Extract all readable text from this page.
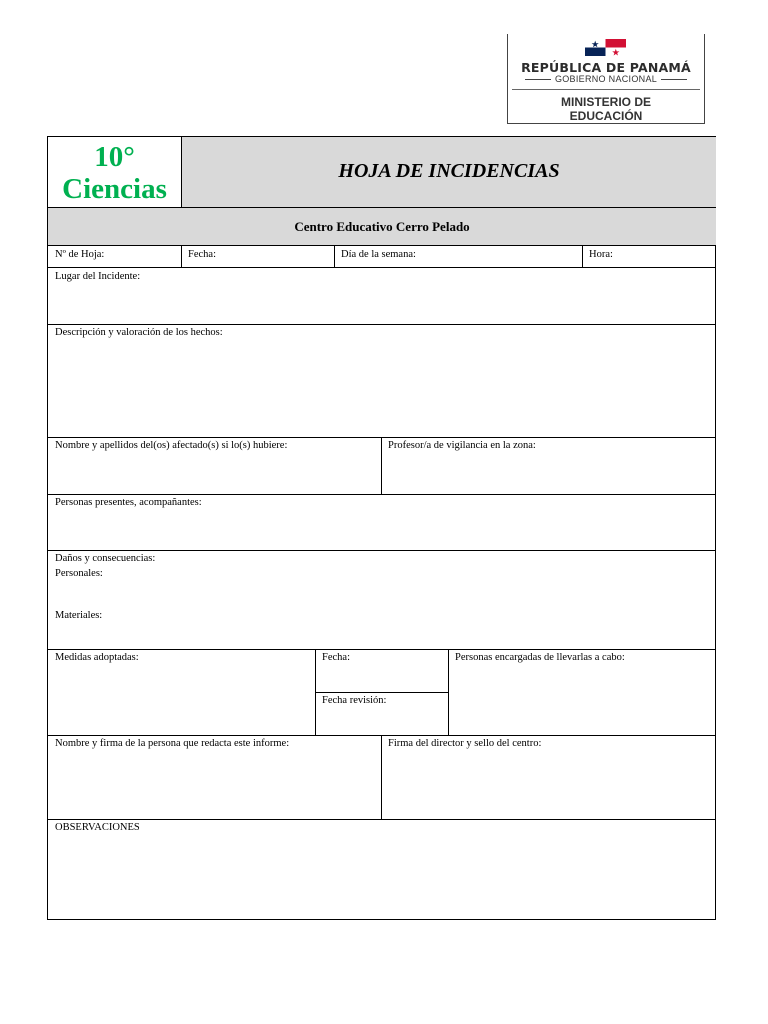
REPÚBLICA DE PANAMÁ
GOBIERNO NACIONAL
MINISTERIO DE
EDUCACIÓN
10°
Ciencias
HOJA DE INCIDENCIAS
Centro Educativo Cerro Pelado
Nº de Hoja:	Fecha:	Día de la semana:	Hora:
Lugar del Incidente:
Descripción y valoración de los hechos:
Nombre y apellidos del(os) afectado(s) si lo(s) hubiere:	Profesor/a de vigilancia en la zona:
Personas presentes, acompañantes:
Daños y consecuencias:
Personales:
Materiales:
Medidas adoptadas:	Fecha:
Fecha revisión:
Personas encargadas de llevarlas a cabo:
Nombre y firma de la persona que redacta este informe:	Firma del director y sello del centro:
OBSERVACIONES
